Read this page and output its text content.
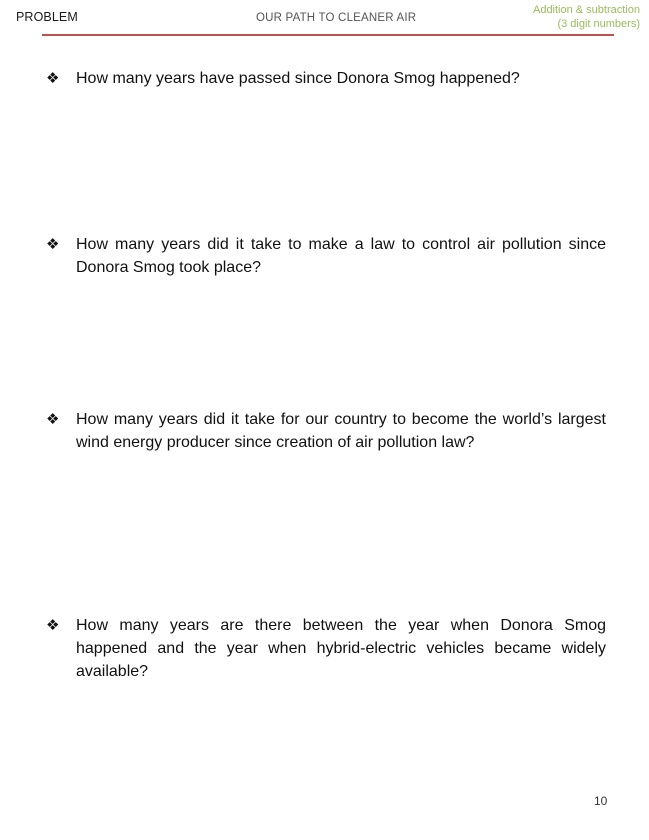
PROBLEM	OUR PATH TO CLEANER AIR
Addition & subtraction
(3 digit numbers)
❖	How many years have passed since Donora Smog happened?
❖	How many years did it take to make a law to control air pollution since Donora Smog took place?
❖	How many years did it take for our country to become the world’s largest wind energy producer since creation of air pollution law?
❖	How many years are there between the year when Donora Smog happened and the year when hybrid-electric vehicles became widely available?
10
